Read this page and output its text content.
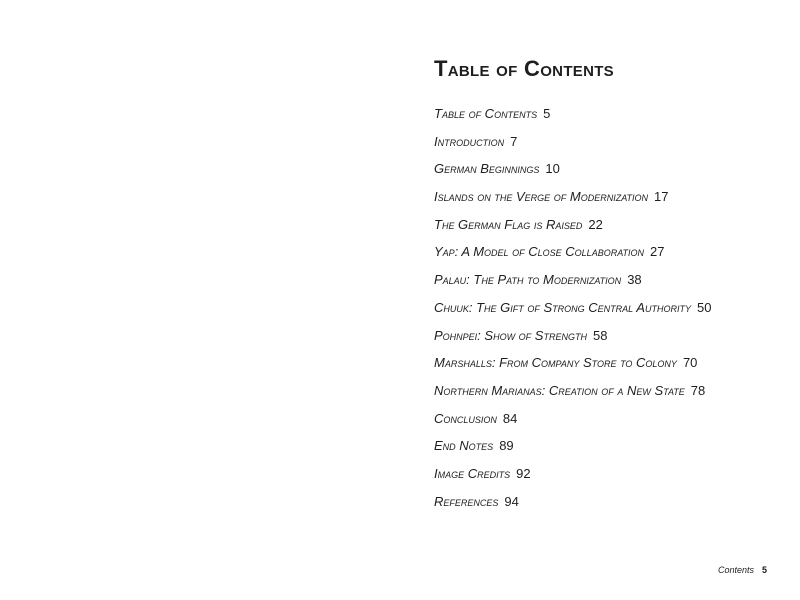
Table of Contents
Table of Contents 5
Introduction 7
German Beginnings 10
Islands on the Verge of Modernization 17
The German Flag is Raised 22
Yap: A Model of Close Collaboration 27
Palau: The Path to Modernization 38
Chuuk: The Gift of Strong Central Authority 50
Pohnpei: Show of Strength 58
Marshalls: From Company Store to Colony 70
Northern Marianas: Creation of a New State 78
Conclusion 84
End Notes 89
Image Credits 92
References 94
Contents 5
